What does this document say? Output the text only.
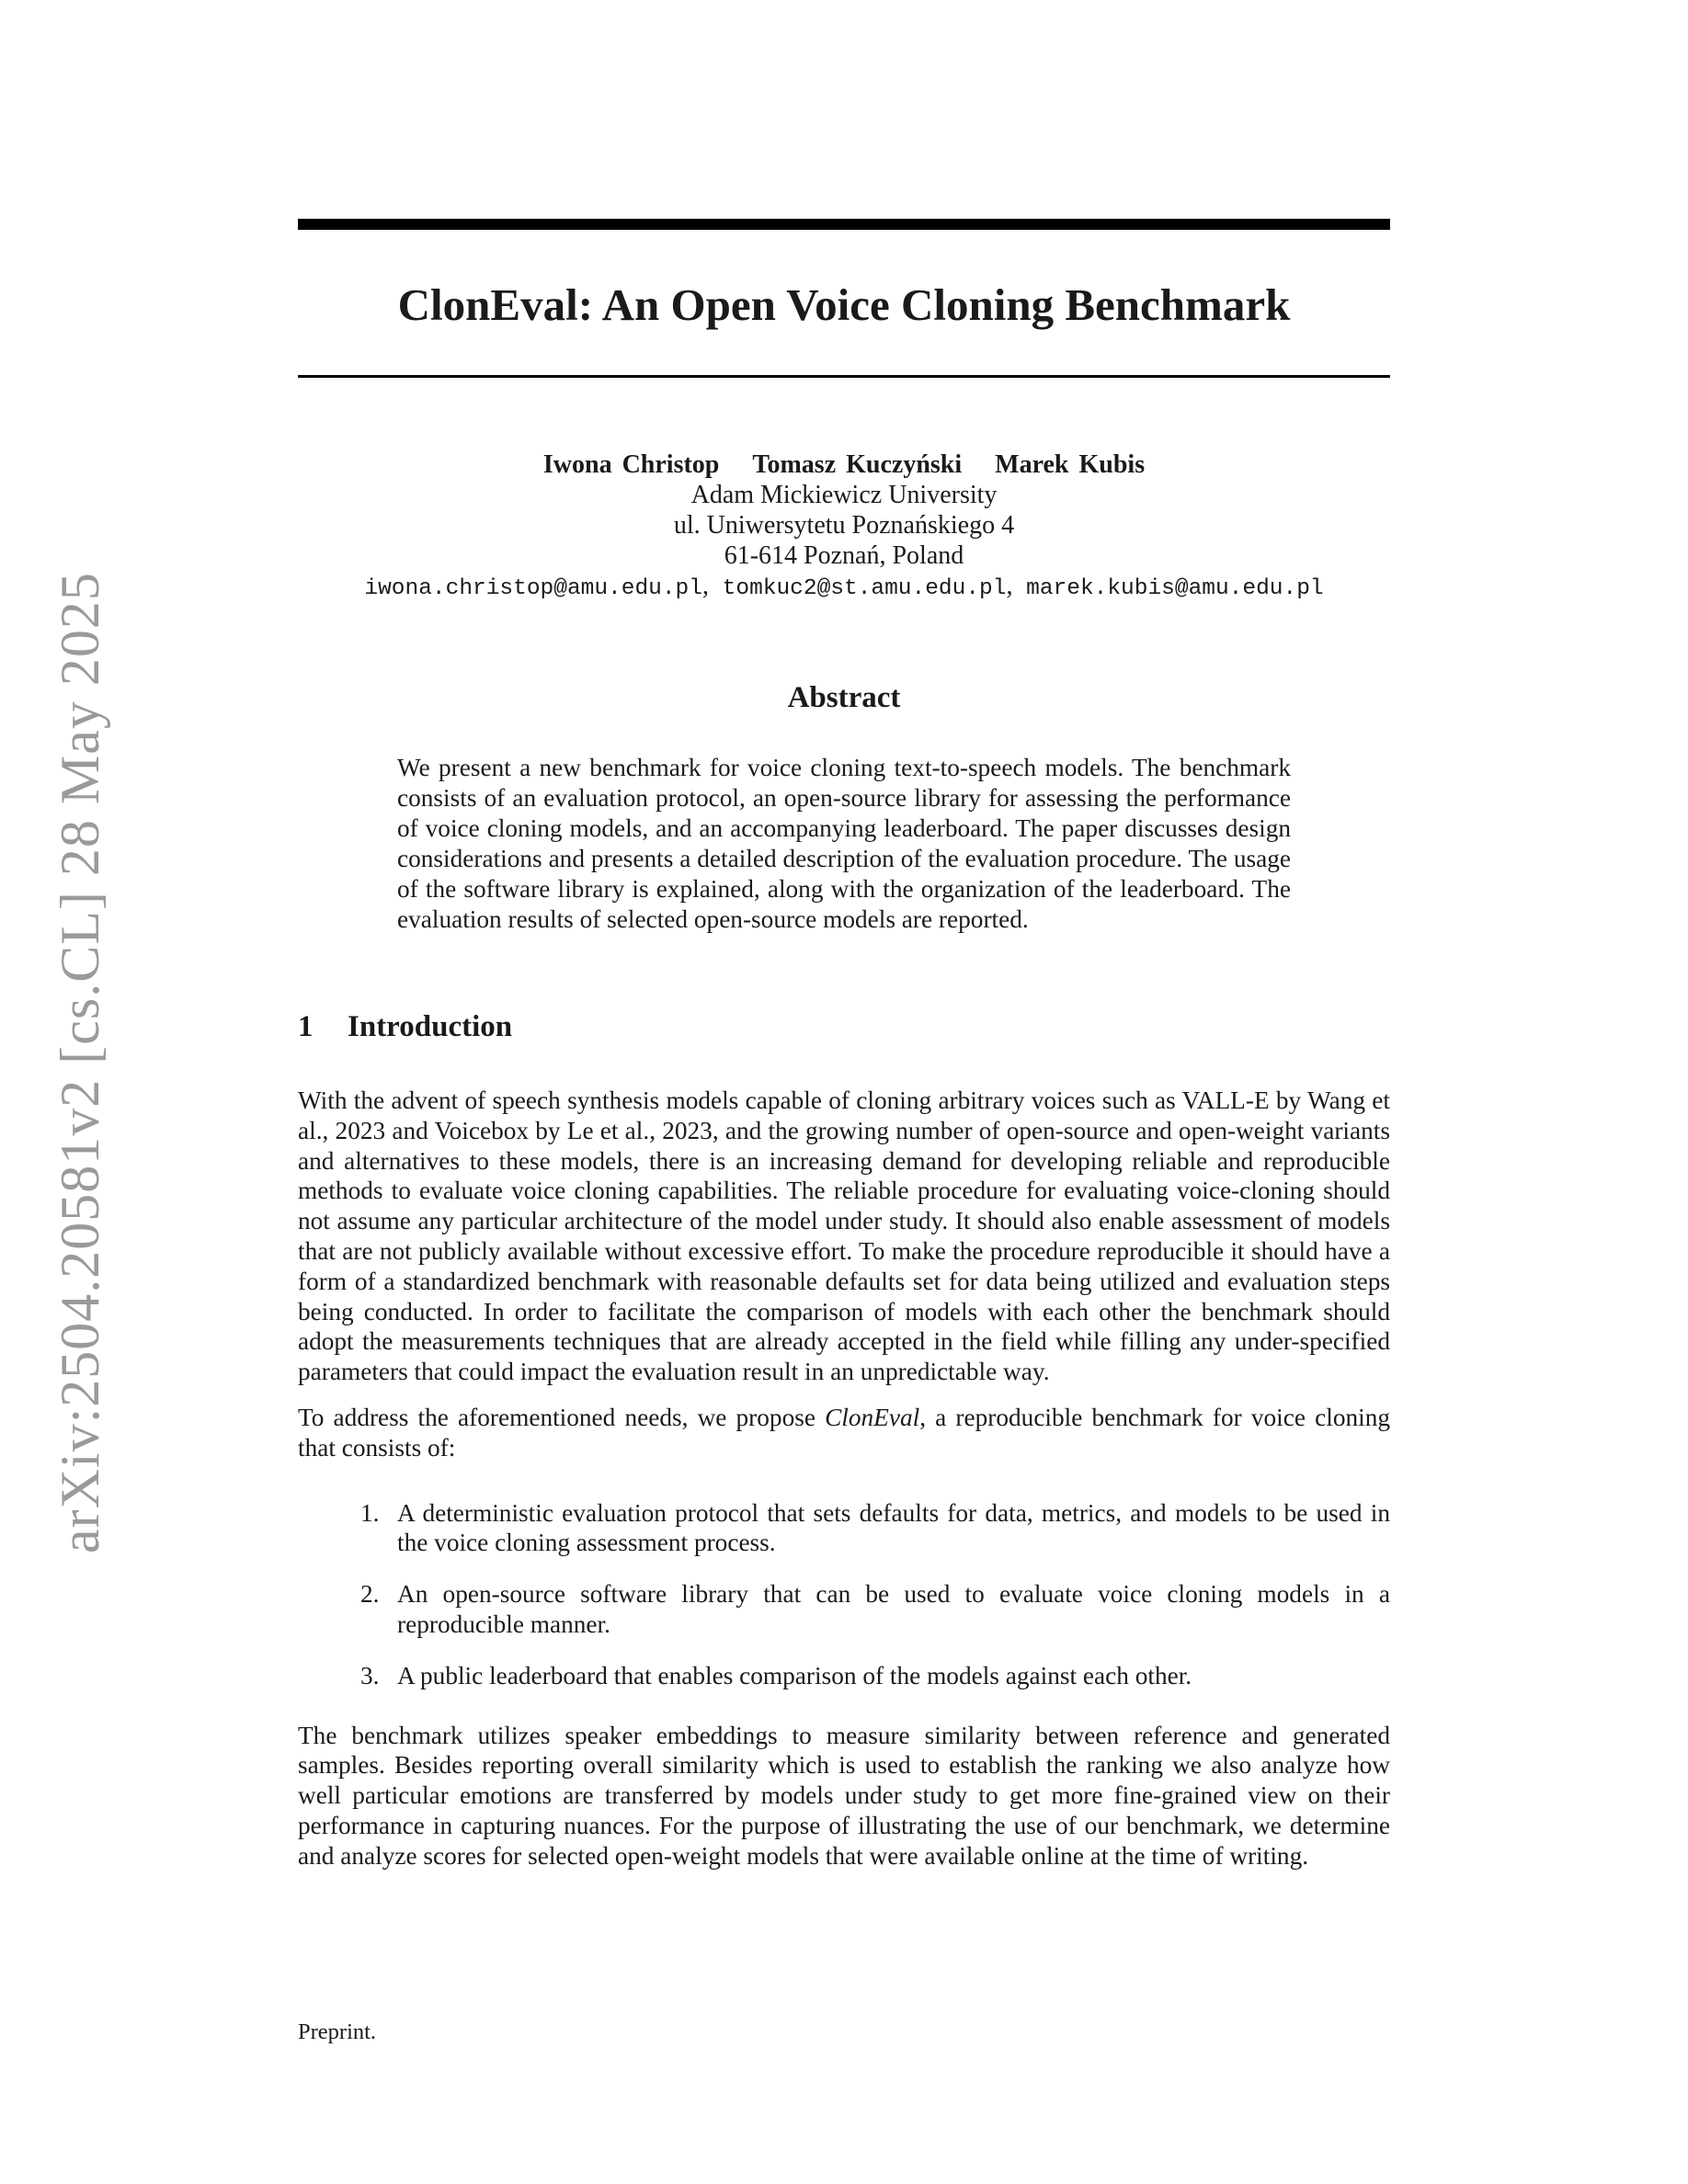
arXiv:2504.20581v2 [cs.CL] 28 May 2025
ClonEval: An Open Voice Cloning Benchmark
Iwona Christop Tomasz Kuczyński Marek Kubis
Adam Mickiewicz University
ul. Uniwersytetu Poznańskiego 4
61-614 Poznań, Poland
iwona.christop@amu.edu.pl, tomkuc2@st.amu.edu.pl, marek.kubis@amu.edu.pl
Abstract
We present a new benchmark for voice cloning text-to-speech models. The benchmark consists of an evaluation protocol, an open-source library for assessing the performance of voice cloning models, and an accompanying leaderboard. The paper discusses design considerations and presents a detailed description of the evaluation procedure. The usage of the software library is explained, along with the organization of the leaderboard. The evaluation results of selected open-source models are reported.
1 Introduction

With the advent of speech synthesis models capable of cloning arbitrary voices such as VALL-E by Wang et al., 2023 and Voicebox by Le et al., 2023, and the growing number of open-source and open-weight variants and alternatives to these models, there is an increasing demand for developing reliable and reproducible methods to evaluate voice cloning capabilities. The reliable procedure for evaluating voice-cloning should not assume any particular architecture of the model under study. It should also enable assessment of models that are not publicly available without excessive effort. To make the procedure reproducible it should have a form of a standardized benchmark with reasonable defaults set for data being utilized and evaluation steps being conducted. In order to facilitate the comparison of models with each other the benchmark should adopt the measurements techniques that are already accepted in the field while filling any under-specified parameters that could impact the evaluation result in an unpredictable way.

To address the aforementioned needs, we propose ClonEval, a reproducible benchmark for voice cloning that consists of:

1. A deterministic evaluation protocol that sets defaults for data, metrics, and models to be used in the voice cloning assessment process.
2. An open-source software library that can be used to evaluate voice cloning models in a reproducible manner.
3. A public leaderboard that enables comparison of the models against each other.

The benchmark utilizes speaker embeddings to measure similarity between reference and generated samples. Besides reporting overall similarity which is used to establish the ranking we also analyze how well particular emotions are transferred by models under study to get more fine-grained view on their performance in capturing nuances. For the purpose of illustrating the use of our benchmark, we determine and analyze scores for selected open-weight models that were available online at the time of writing.

Preprint.
